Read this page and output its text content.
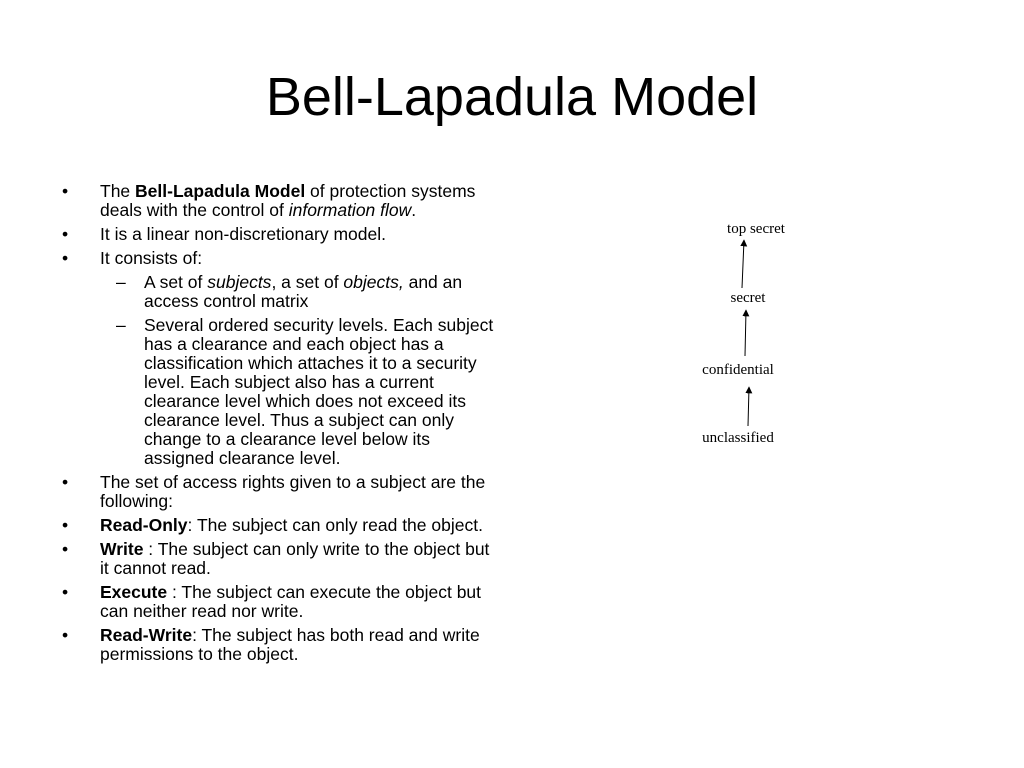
Bell-Lapadula Model
• The Bell-Lapadula Model of protection systems deals with the control of information flow.
• It is a linear non-discretionary model.
• It consists of:
– A set of subjects, a set of objects, and an access control matrix
– Several ordered security levels. Each subject has a clearance and each object has a classification which attaches it to a security level. Each subject also has a current clearance level which does not exceed its clearance level. Thus a subject can only change to a clearance level below its assigned clearance level.
• The set of access rights given to a subject are the following:
• Read-Only: The subject can only read the object.
• Write : The subject can only write to the object but it cannot read.
• Execute : The subject can execute the object but can neither read nor write.
• Read-Write: The subject has both read and write permissions to the object.
top secret
secret
confidential
unclassified
